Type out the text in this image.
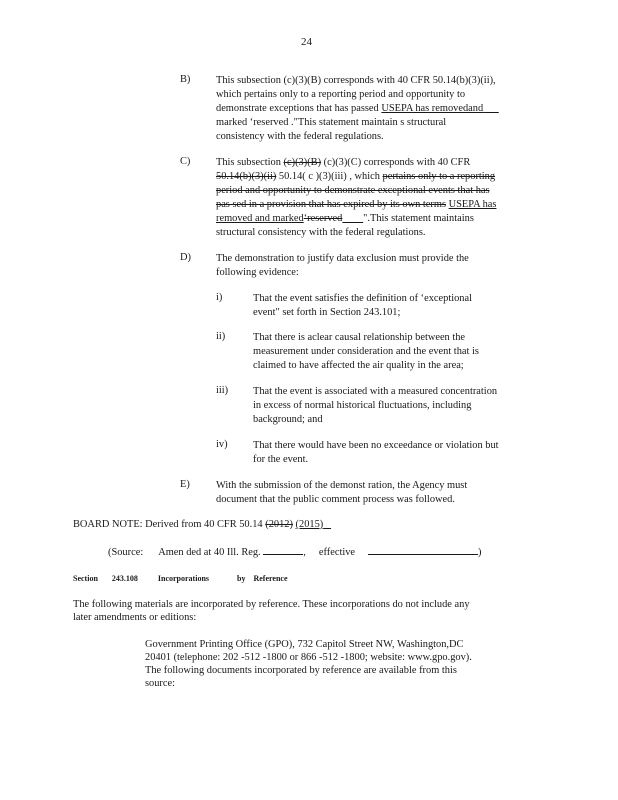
24
B) This subsection (c)(3)(B) corresponds with 40 CFR 50.14(b)(3)(ii),
which pertains only to a reporting period and opportunity to
demonstrate exceptions that has passed USEPA has removedand
marked ‘reserved ."This statement maintain s structural
consistency with the federal regulations.
C) This subsection (c)(3)(B) (c)(3)(C) corresponds with 40 CFR
50.14(b)(3)(ii) 50.14( c )(3)(iii) , which pertains only to a reporting
period and opportunity to demonstrate exceptional events that has
pas sed in a provision that has expired by its own terms USEPA has
removed and marked‘reserved ".This statement maintains
structural consistency with the federal regulations.
D) The demonstration to justify data exclusion must provide the
following evidence:
i)	That the event satisfies the definition of ‘exceptional
event" set forth in Section 243.101;
ii)	That there is aclear causal relationship between the
measurement under consideration and the event that is
claimed to have affected the air quality in the area;
iii) That the event is associated with a measured concentration
in excess of normal historical fluctuations, including
background; and
iv) That there would have been no exceedance or violation but
for the event.
E)	With the submission of the demonst ration, the Agency must
document that the public comment process was followed.
BOARD NOTE: Derived from 40 CFR 50.14 (2012) (2015)
(Source: Amen ded at 40 Ill. Reg.	, effective	)
Section 243.108	Incorporations	by Reference
The following materials are incorporated by reference. These incorporations do not include any
later amendments or editions:
Government Printing Office (GPO), 732 Capitol Street NW, Washington,DC
20401 (telephone: 202 -512 -1800 or 866 -512 -1800; website: www.gpo.gov).
The following documents incorporated by reference are available from this
source:
